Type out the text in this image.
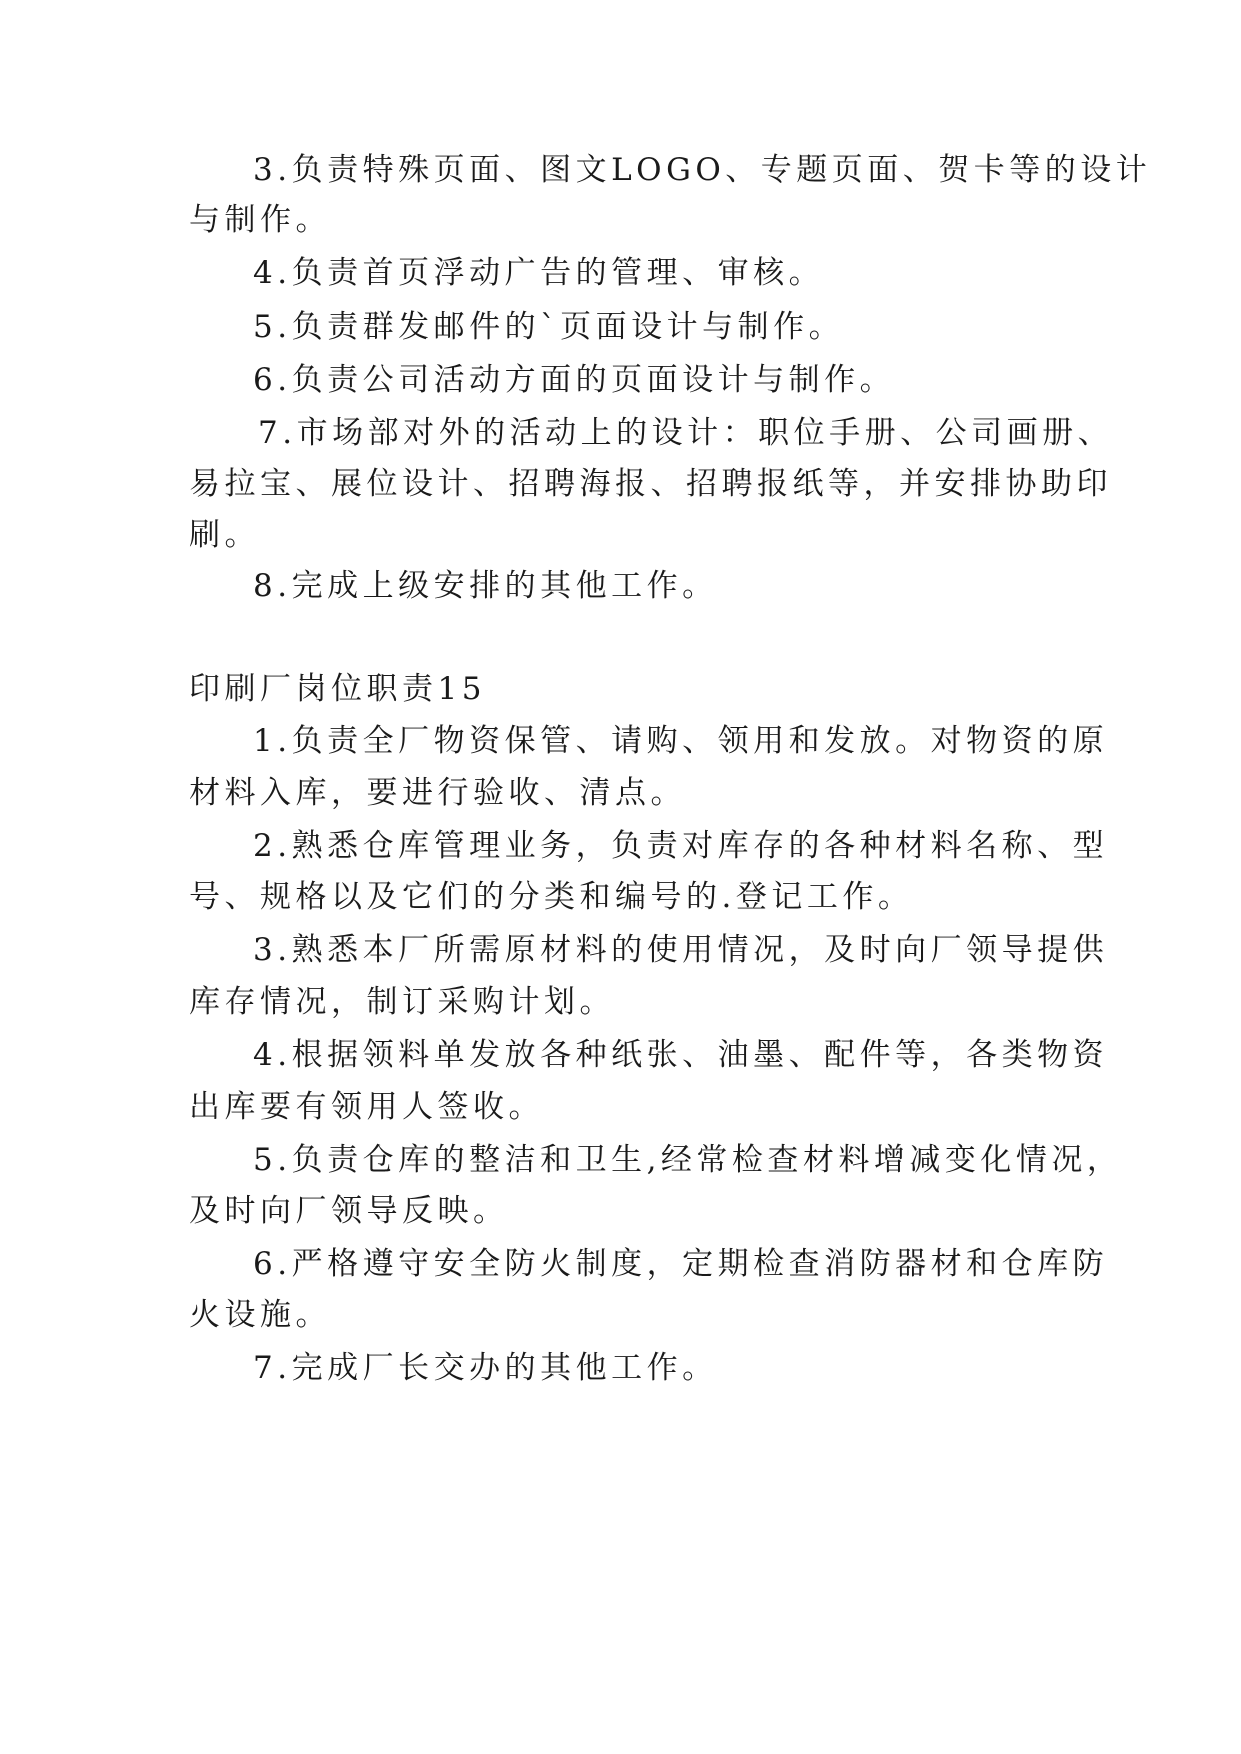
3.负责特殊页面、图文LOGO、专题页面、贺卡等的设计
与制作。
4.负责首页浮动广告的管理、审核。
5.负责群发邮件的`页面设计与制作。
6.负责公司活动方面的页面设计与制作。
7.市场部对外的活动上的设计：职位手册、公司画册、
易拉宝、展位设计、招聘海报、招聘报纸等，并安排协助印
刷。
8.完成上级安排的其他工作。
印刷厂岗位职责15
1.负责全厂物资保管、请购、领用和发放。对物资的原
材料入库，要进行验收、清点。
2.熟悉仓库管理业务，负责对库存的各种材料名称、型
号、规格以及它们的分类和编号的.登记工作。
3.熟悉本厂所需原材料的使用情况，及时向厂领导提供
库存情况，制订采购计划。
4.根据领料单发放各种纸张、油墨、配件等，各类物资
出库要有领用人签收。
5.负责仓库的整洁和卫生,经常检查材料增减变化情况，
及时向厂领导反映。
6.严格遵守安全防火制度，定期检查消防器材和仓库防
火设施。
7.完成厂长交办的其他工作。
